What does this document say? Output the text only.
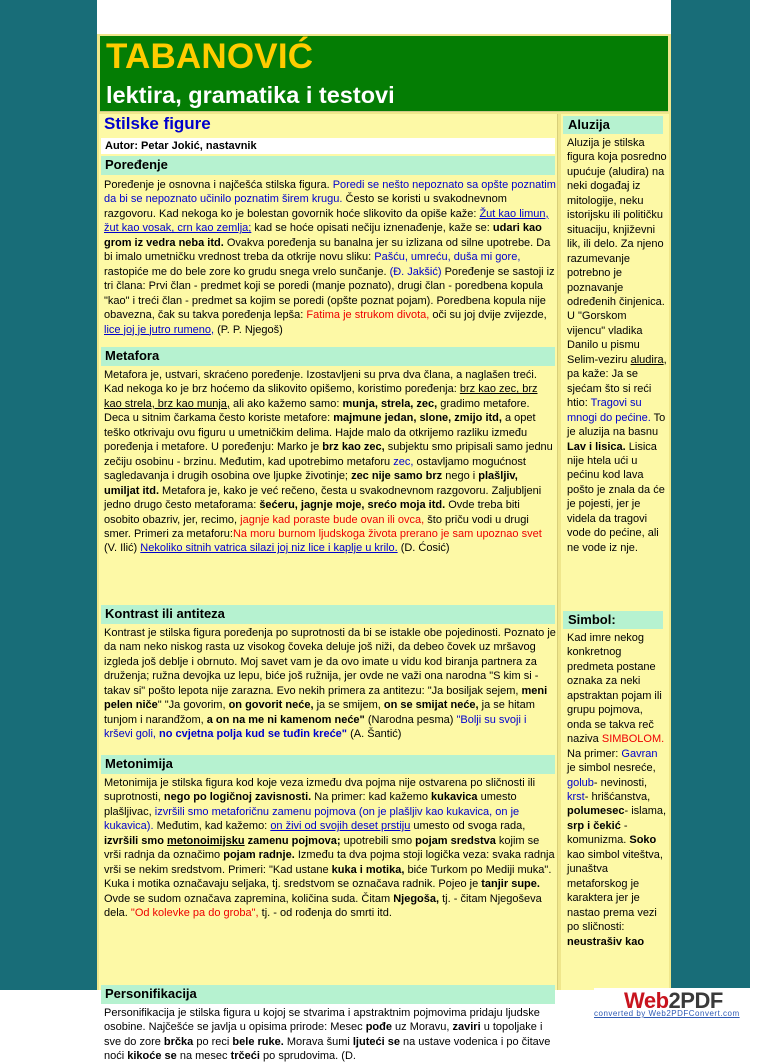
TABANOVIĆ
lektira, gramatika i testovi
Stilske figure
Autor: Petar Jokić, nastavnik
Poređenje
Poređenje je osnovna i najčešća stilska figura. Poredi se nešto nepoznato sa opšte poznatim da bi se nepoznato učinilo poznatim širem krugu. Često se koristi u svakodnevnom razgovoru. Kad nekoga ko je bolestan govornik hoće slikovito da opiše kaže: Žut kao limun, žut kao vosak, crn kao zemlja; kad se hoće opisati nečiju iznenađenje, kaže se: udari kao grom iz vedra neba itd. Ovakva poređenja su banalna jer su izlizana od silne upotrebe. Da bi imalo umetničku vrednost treba da otkrije novu sliku: Pašću, umreću, duša mi gore, rastopiće me do bele zore ko grudu snega vrelo sunčanje. (Đ. Jakšić) Poređenje se sastoji iz tri člana: Prvi član - predmet koji se poredi (manje poznato), drugi član - poredbena kopula "kao" i treći član - predmet sa kojim se poredi (opšte poznat pojam). Poredbena kopula nije obavezna, čak su takva poređenja lepša: Fatima je strukom divota, oči su joj dvije zvijezde, lice joj je jutro rumeno, (P. P. Njegoš)
Metafora
Metafora je, ustvari, skraćeno poređenje. Izostavljeni su prva dva člana, a naglašen treći. Kad nekoga ko je brz hoćemo da slikovito opišemo, koristimo poređenja: brz kao zec, brz kao strela, brz kao munja, ali ako kažemo samo: munja, strela, zec, gradimo metafore. Deca u sitnim čarkama često koriste metafore: majmune jedan, slone, zmijo itd, a opet teško otkrivaju ovu figuru u umetničkim delima. Hajde malo da otkrijemo razliku između poređenja i metafore. U poređenju: Marko je brz kao zec, subjektu smo pripisali samo jednu zečiju osobinu - brzinu. Međutim, kad upotrebimo metaforu zec, ostavljamo mogućnost sagledavanja i drugih osobina ove ljupke životinje; zec nije samo brz nego i plašljiv, umiljat itd. Metafora je, kako je već rečeno, česta u svakodnevnom razgovoru. Zaljubljeni jedno drugo često metaforama: šećeru, jagnje moje, srećo moja itd. Ovde treba biti osobito obazriv, jer, recimo, jagnje kad poraste bude ovan ili ovca, što priču vodi u drugi smer. Primeri za metaforu:Na moru burnom ljudskoga života prerano je sam upoznao svet (V. Ilić) Nekoliko sitnih vatrica silazi joj niz lice i kaplje u krilo. (D. Ćosić)
Kontrast ili antiteza
Kontrast je stilska figura poređenja po suprotnosti da bi se istakle obe pojedinosti. Poznato je da nam neko niskog rasta uz visokog čoveka deluje još niži, da debeo čovek uz mršavog izgleda još deblje i obrnuto. Moj savet vam je da ovo imate u vidu kod biranja partnera za druženja; ružna devojka uz lepu, biće još ružnija, jer ovde ne važi ona narodna "S kim si - takav si" pošto lepota nije zarazna. Evo nekih primera za antitezu: "Ja bosiljak sejem, meni pelen niče" "Ja govorim, on govorit neće, ja se smijem, on se smijat neće, ja se hitam tunjom i naranđžom, a on na me ni kamenom neće" (Narodna pesma) "Bolji su svoji i krševi goli, no cvjetna polja kud se tuđin kreće" (A. Šantić)
Metonimija
Metonimija je stilska figura kod koje veza između dva pojma nije ostvarena po sličnosti ili suprotnosti, nego po logičnoj zavisnosti. Na primer: kad kažemo kukavica umesto plašljivac, izvršili smo metaforičnu zamenu pojmova (on je plašljiv kao kukavica, on je kukavica). Međutim, kad kažemo: on živi od svojih deset prstiju umesto od svoga rada, izvršili smo metonoimijsku zamenu pojmova; upotrebili smo pojam sredstva kojim se vrši radnja da označimo pojam radnje. Između ta dva pojma stoji logička veza: svaka radnja vrši se nekim sredstvom. Primeri: "Kad ustane kuka i motika, biće Turkom po Mediji muka". Kuka i motika označavaju seljaka, tj. sredstvom se označava radnik. Pojeo je tanjir supe. Ovde se sudom označava zapremina, količina suda. Čitam Njegoša, tj. - čitam Njegoševa dela. "Od kolevke pa do groba", tj. - od rođenja do smrti itd.
Personifikacija
Personifikacija je stilska figura u kojoj se stvarima i apstraktnim pojmovima pridaju ljudske osobine. Najčešće se javlja u opisima prirode: Mesec pođe uz Moravu, zaviri u topoljake i sve do zore brčka po reci bele ruke. Morava šumi ljuteći se na ustave vodenica i po čitave noći kikoće se na mesec trčeći po sprudovima. (D.
Aluzija
Aluzija je stilska figura koja posredno upućuje (aludira) na neki događaj iz mitologije, neku istorijsku ili političku situaciju, književni lik, ili delo. Za njeno razumevanje potrebno je poznavanje određenih činjenica. U "Gorskom vijencu" vladika Danilo u pismu Selim-veziru aludira, pa kaže: Ja se sjećam što si reći htio: Tragovi su mnogi do pećine. To je aluzija na basnu Lav i lisica. Lisica nije htela ući u pećinu kod lava pošto je znala da će je pojesti, jer je videla da tragovi vode do pećine, ali ne vode iz nje.
Simbol:
Kad imre nekog konkretnog predmeta postane oznaka za neki apstraktan pojam ili grupu pojmova, onda se takva reč naziva SIMBOLOM. Na primer: Gavran je simbol nesreće, golub- nevinosti, krst- hrišćanstva, polumesec- islama, srp i čekić - komunizma. Soko kao simbol viteštva, junaštva metaforskog je karaktera jer je nastao prema vezi po sličnosti: neustrašiv kao
Web2PDF
converted by Web2PDFConvert.com
